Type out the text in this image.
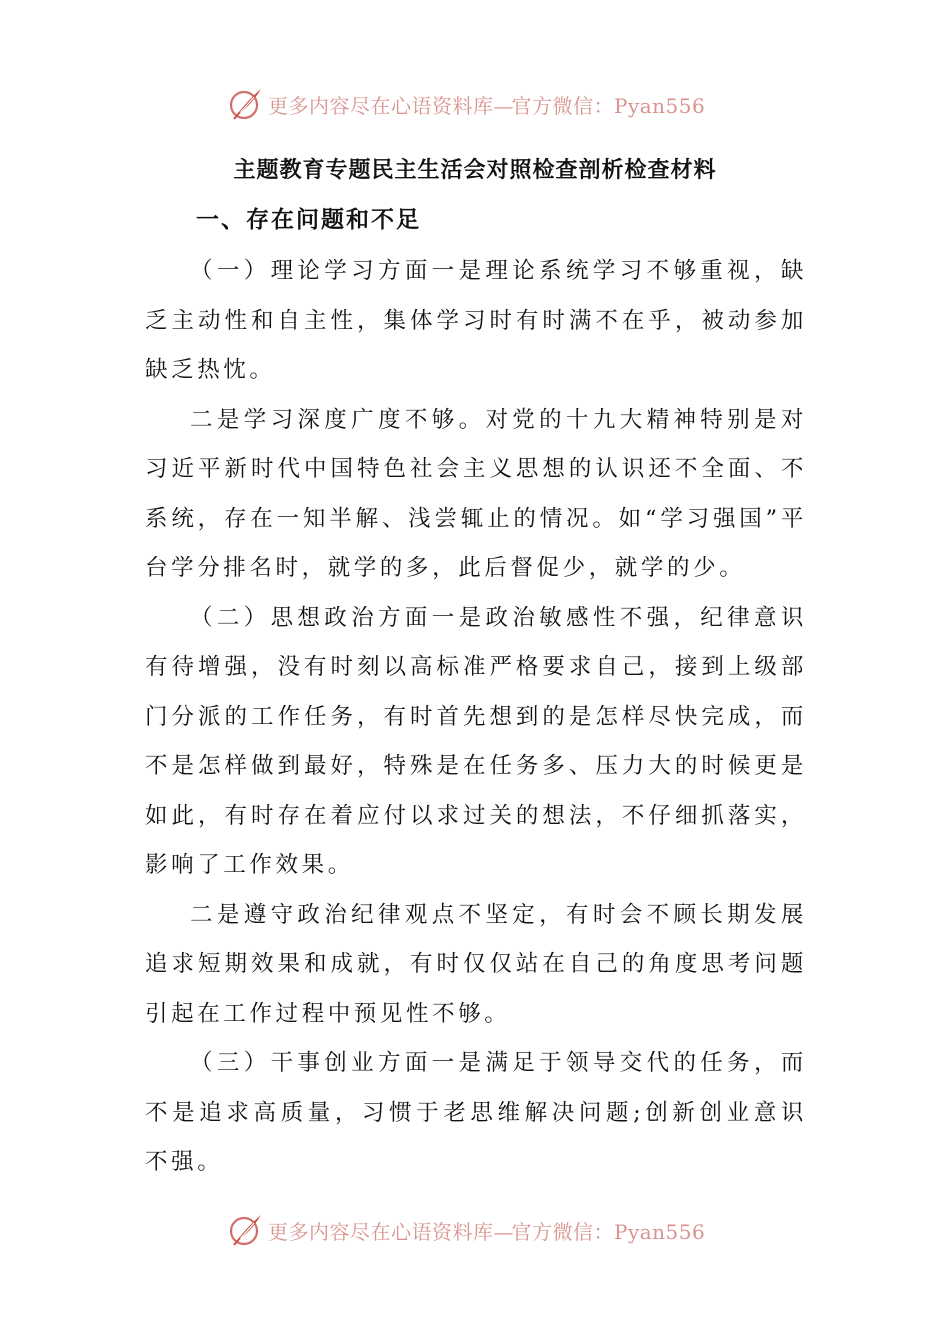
更多内容尽在心语资料库—官方微信：Pyan556
主题教育专题民主生活会对照检查剖析检查材料
一、存在问题和不足

（一）理论学习方面一是理论系统学习不够重视，缺乏主动性和自主性，集体学习时有时满不在乎，被动参加缺乏热忱。

二是学习深度广度不够。对党的十九大精神特别是对习近平新时代中国特色社会主义思想的认识还不全面、不系统，存在一知半解、浅尝辄止的情况。如“学习强国”平台学分排名时，就学的多，此后督促少，就学的少。

（二）思想政治方面一是政治敏感性不强，纪律意识有待增强，没有时刻以高标准严格要求自己，接到上级部门分派的工作任务，有时首先想到的是怎样尽快完成，而不是怎样做到最好，特殊是在任务多、压力大的时候更是如此，有时存在着应付以求过关的想法，不仔细抓落实，影响了工作效果。

二是遵守政治纪律观点不坚定，有时会不顾长期发展追求短期效果和成就，有时仅仅站在自己的角度思考问题引起在工作过程中预见性不够。

（三）干事创业方面一是满足于领导交代的任务，而不是追求高质量，习惯于老思维解决问题;创新创业意识不强。

更多内容尽在心语资料库—官方微信：Pyan556
